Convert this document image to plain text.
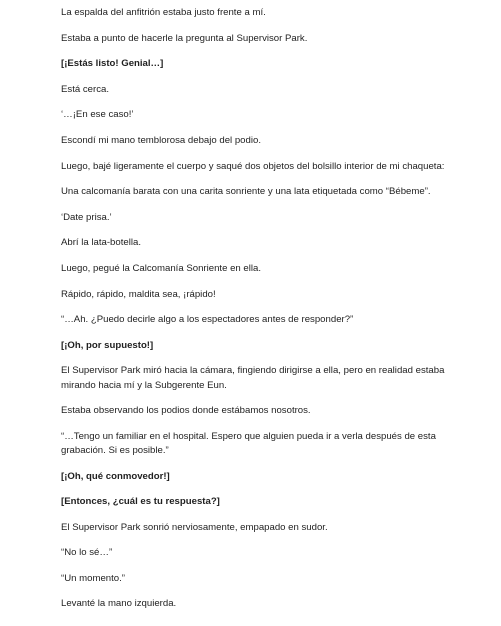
La espalda del anfitrión estaba justo frente a mí.

Estaba a punto de hacerle la pregunta al Supervisor Park.

[¡Estás listo! Genial…]

Está cerca.

‘…¡En ese caso!’

Escondí mi mano temblorosa debajo del podio.

Luego, bajé ligeramente el cuerpo y saqué dos objetos del bolsillo interior de mi chaqueta:

Una calcomanía barata con una carita sonriente y una lata etiquetada como “Bébeme”.

‘Date prisa.’

Abrí la lata-botella.

Luego, pegué la Calcomanía Sonriente en ella.

Rápido, rápido, maldita sea, ¡rápido!

“…Ah. ¿Puedo decirle algo a los espectadores antes de responder?”

[¡Oh, por supuesto!]

El Supervisor Park miró hacia la cámara, fingiendo dirigirse a ella, pero en realidad estaba mirando hacia mí y la Subgerente Eun.

Estaba observando los podios donde estábamos nosotros.

“…Tengo un familiar en el hospital. Espero que alguien pueda ir a verla después de esta grabación. Si es posible.”

[¡Oh, qué conmovedor!]

[Entonces, ¿cuál es tu respuesta?]

El Supervisor Park sonrió nerviosamente, empapado en sudor.

“No lo sé…”

“Un momento.”

Levanté la mano izquierda.
